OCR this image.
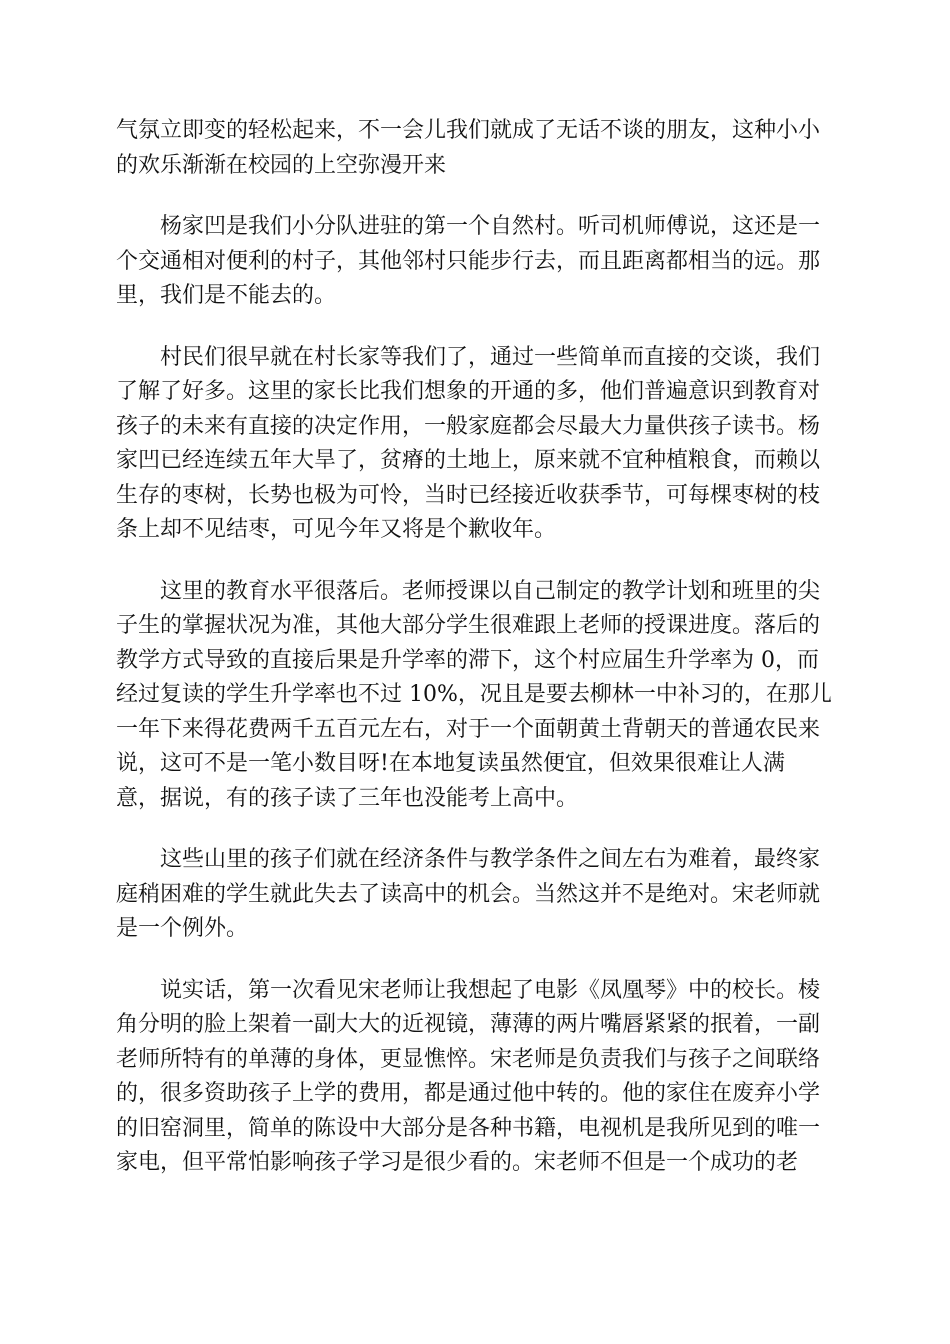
气氛立即变的轻松起来，不一会儿我们就成了无话不谈的朋友，这种小小
的欢乐渐渐在校园的上空弥漫开来

　　杨家凹是我们小分队进驻的第一个自然村。听司机师傅说，这还是一
个交通相对便利的村子，其他邻村只能步行去，而且距离都相当的远。那
里，我们是不能去的。

　　村民们很早就在村长家等我们了，通过一些简单而直接的交谈，我们
了解了好多。这里的家长比我们想象的开通的多，他们普遍意识到教育对
孩子的未来有直接的决定作用，一般家庭都会尽最大力量供孩子读书。杨
家凹已经连续五年大旱了，贫瘠的土地上，原来就不宜种植粮食，而赖以
生存的枣树，长势也极为可怜，当时已经接近收获季节，可每棵枣树的枝
条上却不见结枣，可见今年又将是个歉收年。

　　这里的教育水平很落后。老师授课以自己制定的教学计划和班里的尖
子生的掌握状况为准，其他大部分学生很难跟上老师的授课进度。落后的
教学方式导致的直接后果是升学率的滞下，这个村应届生升学率为 0，而
经过复读的学生升学率也不过 10%，况且是要去柳林一中补习的，在那儿
一年下来得花费两千五百元左右，对于一个面朝黄土背朝天的普通农民来
说，这可不是一笔小数目呀!在本地复读虽然便宜，但效果很难让人满
意，据说，有的孩子读了三年也没能考上高中。

　　这些山里的孩子们就在经济条件与教学条件之间左右为难着，最终家
庭稍困难的学生就此失去了读高中的机会。当然这并不是绝对。宋老师就
是一个例外。

　　说实话，第一次看见宋老师让我想起了电影《凤凰琴》中的校长。棱
角分明的脸上架着一副大大的近视镜，薄薄的两片嘴唇紧紧的抿着，一副
老师所特有的单薄的身体，更显憔悴。宋老师是负责我们与孩子之间联络
的，很多资助孩子上学的费用，都是通过他中转的。他的家住在废弃小学
的旧窑洞里，简单的陈设中大部分是各种书籍，电视机是我所见到的唯一
家电，但平常怕影响孩子学习是很少看的。宋老师不但是一个成功的老
